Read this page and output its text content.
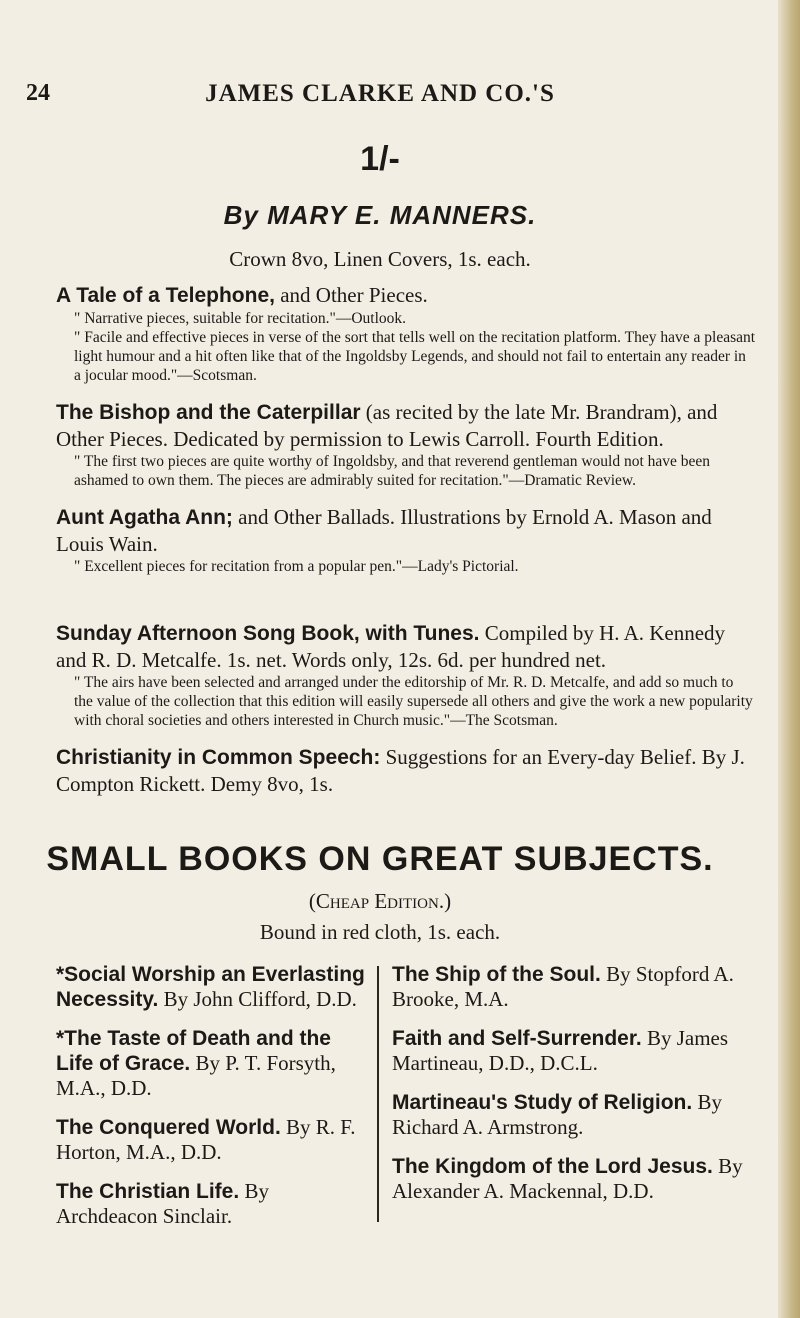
24	JAMES CLARKE AND CO.'S
1/-
By MARY E. MANNERS.
Crown 8vo, Linen Covers, 1s. each.
A Tale of a Telephone, and Other Pieces.
" Narrative pieces, suitable for recitation."—Outlook.
" Facile and effective pieces in verse of the sort that tells well on the recitation platform. They have a pleasant light humour and a hit often like that of the Ingoldsby Legends, and should not fail to entertain any reader in a jocular mood."—Scotsman.
The Bishop and the Caterpillar (as recited by the late Mr. Brandram), and Other Pieces. Dedicated by permission to Lewis Carroll. Fourth Edition.
" The first two pieces are quite worthy of Ingoldsby, and that reverend gentleman would not have been ashamed to own them. The pieces are admirably suited for recitation."—Dramatic Review.
Aunt Agatha Ann; and Other Ballads. Illustrations by Ernold A. Mason and Louis Wain.
" Excellent pieces for recitation from a popular pen."—Lady's Pictorial.
Sunday Afternoon Song Book, with Tunes. Compiled by H. A. Kennedy and R. D. Metcalfe. 1s. net. Words only, 12s. 6d. per hundred net.
" The airs have been selected and arranged under the editorship of Mr. R. D. Metcalfe, and add so much to the value of the collection that this edition will easily supersede all others and give the work a new popularity with choral societies and others interested in Church music."—The Scotsman.
Christianity in Common Speech: Suggestions for an Every-day Belief. By J. Compton Rickett. Demy 8vo, 1s.
SMALL BOOKS ON GREAT SUBJECTS.
(Cheap Edition.)
Bound in red cloth, 1s. each.
*Social Worship an Everlasting Necessity. By John Clifford, D.D.
*The Taste of Death and the Life of Grace. By P. T. Forsyth, M.A., D.D.
The Conquered World. By R. F. Horton, M.A., D.D.
The Christian Life. By Archdeacon Sinclair.
The Ship of the Soul. By Stopford A. Brooke, M.A.
Faith and Self-Surrender. By James Martineau, D.D., D.C.L.
Martineau's Study of Religion. By Richard A. Armstrong.
The Kingdom of the Lord Jesus. By Alexander A. Mackennal, D.D.
